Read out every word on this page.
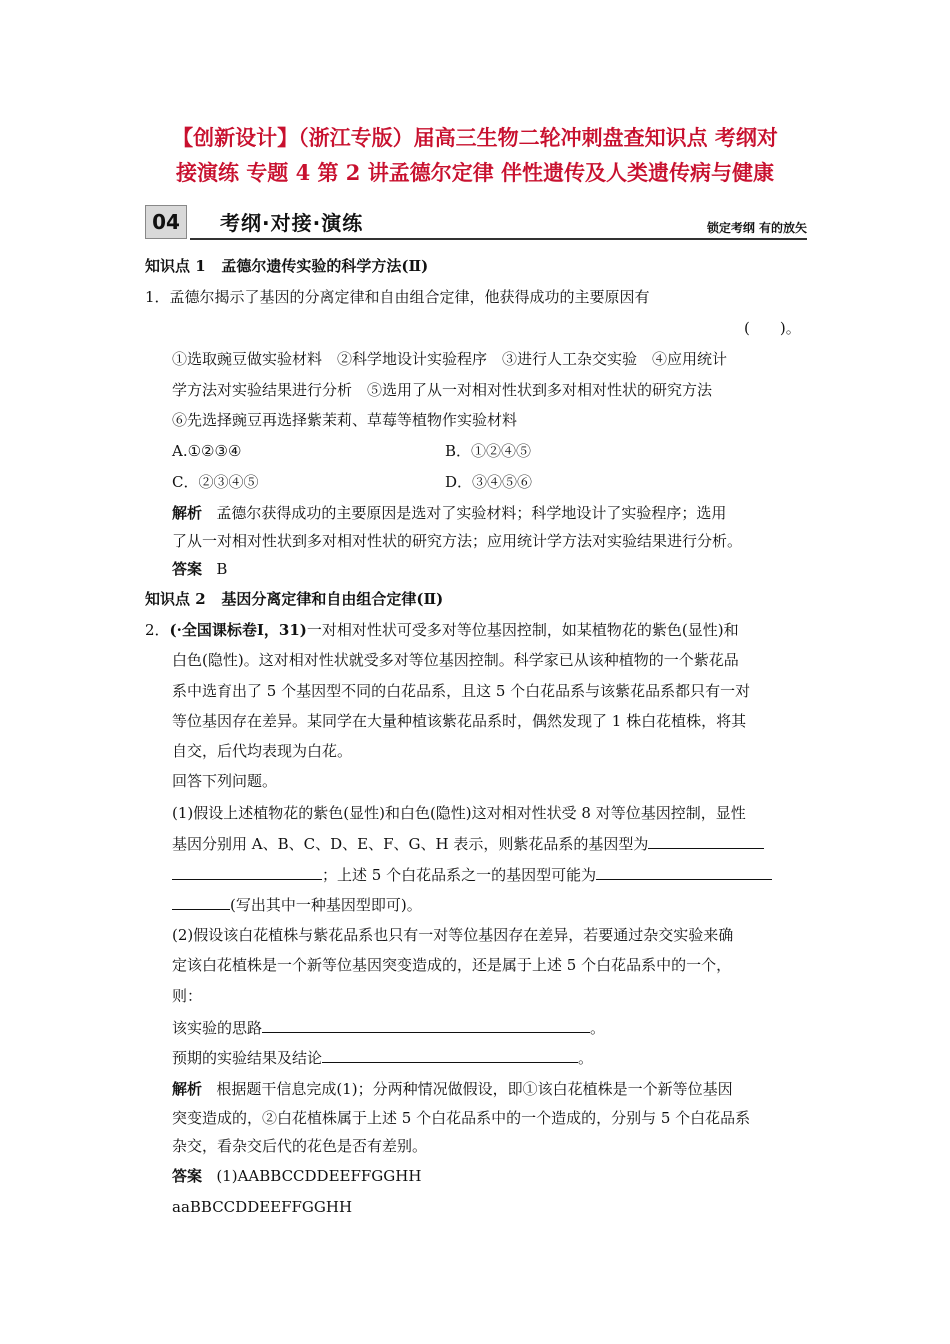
【创新设计】（浙江专版）届高三生物二轮冲刺盘查知识点 考纲对
接演练 专题 4 第 2 讲孟德尔定律 伴性遗传及人类遗传病与健康
04	考纲·对接·演练	锁定考纲 有的放矢
知识点 1 孟德尔遗传实验的科学方法(Ⅱ)
1．孟德尔揭示了基因的分离定律和自由组合定律，他获得成功的主要原因有
(　　)。
①选取豌豆做实验材料　②科学地设计实验程序　③进行人工杂交实验　④应用统计
学方法对实验结果进行分析　⑤选用了从一对相对性状到多对相对性状的研究方法
⑥先选择豌豆再选择紫茉莉、草莓等植物作实验材料
A.①②③④	B．①②④⑤
C．②③④⑤	D．③④⑤⑥
解析 孟德尔获得成功的主要原因是选对了实验材料；科学地设计了实验程序；选用
了从一对相对性状到多对相对性状的研究方法；应用统计学方法对实验结果进行分析。
答案 B
知识点 2 基因分离定律和自由组合定律(Ⅱ)
2．(·全国课标卷Ⅰ，31)一对相对性状可受多对等位基因控制，如某植物花的紫色(显性)和
白色(隐性)。这对相对性状就受多对等位基因控制。科学家已从该种植物的一个紫花品
系中选育出了 5 个基因型不同的白花品系，且这 5 个白花品系与该紫花品系都只有一对
等位基因存在差异。某同学在大量种植该紫花品系时，偶然发现了 1 株白花植株，将其
自交，后代均表现为白花。
回答下列问题。
(1)假设上述植物花的紫色(显性)和白色(隐性)这对相对性状受 8 对等位基因控制，显性
基因分别用 A、B、C、D、E、F、G、H 表示，则紫花品系的基因型为
；上述 5 个白花品系之一的基因型可能为
(写出其中一种基因型即可)。
(2)假设该白花植株与紫花品系也只有一对等位基因存在差异，若要通过杂交实验来确
定该白花植株是一个新等位基因突变造成的，还是属于上述 5 个白花品系中的一个，
则：
该实验的思路	。
预期的实验结果及结论	。
解析 根据题干信息完成(1)；分两种情况做假设，即①该白花植株是一个新等位基因
突变造成的，②白花植株属于上述 5 个白花品系中的一个造成的，分别与 5 个白花品系
杂交，看杂交后代的花色是否有差别。
答案 (1)AABBCCDDEEFFGGHH
aaBBCCDDEEFFGGHH
